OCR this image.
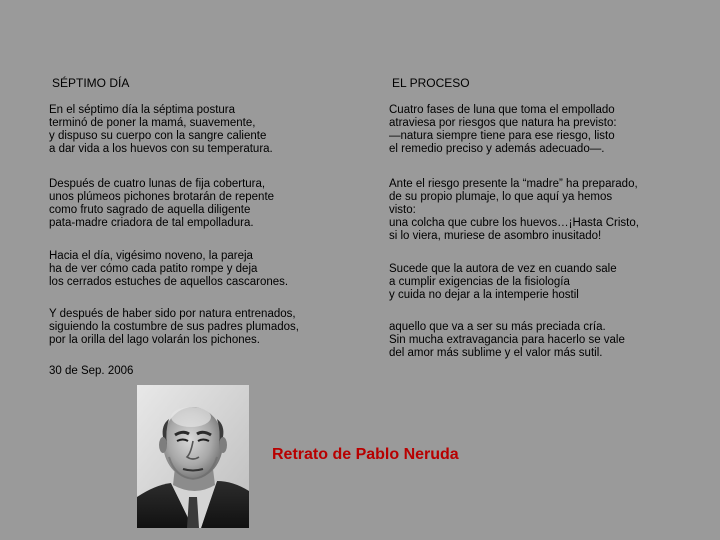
SÉPTIMO DÍA
En el séptimo día la séptima postura
terminó de poner la mamá, suavemente,
y dispuso su cuerpo con la sangre caliente
a dar vida a los huevos con su temperatura.
Después de cuatro lunas de fija cobertura,
unos plúmeos pichones brotarán de repente
como fruto sagrado de aquella diligente
pata-madre criadora de tal empolladura.
Hacia el día, vigésimo noveno, la pareja
ha de ver cómo cada patito rompe y deja
los cerrados estuches de aquellos cascarones.
Y después de haber sido por natura entrenados,
siguiendo la costumbre de sus padres plumados,
por la orilla del lago volarán los pichones.
30 de Sep. 2006
EL PROCESO
Cuatro fases de luna que toma el empollado
atraviesa por riesgos que natura ha previsto:
—natura siempre tiene para ese riesgo, listo
el remedio preciso y además adecuado—.
Ante el riesgo presente la “madre” ha preparado,
de su propio plumaje, lo que aquí ya hemos
visto:
una colcha que cubre los huevos…¡Hasta Cristo,
si lo viera, muriese de asombro inusitado!
Sucede que la autora de vez en cuando sale
a cumplir exigencias de la fisiología
y cuida no dejar a la intemperie hostil
aquello que va a ser su más preciada cría.
Sin mucha extravagancia para hacerlo se vale
del amor más sublime y el valor más sutil.
Retrato de Pablo Neruda
